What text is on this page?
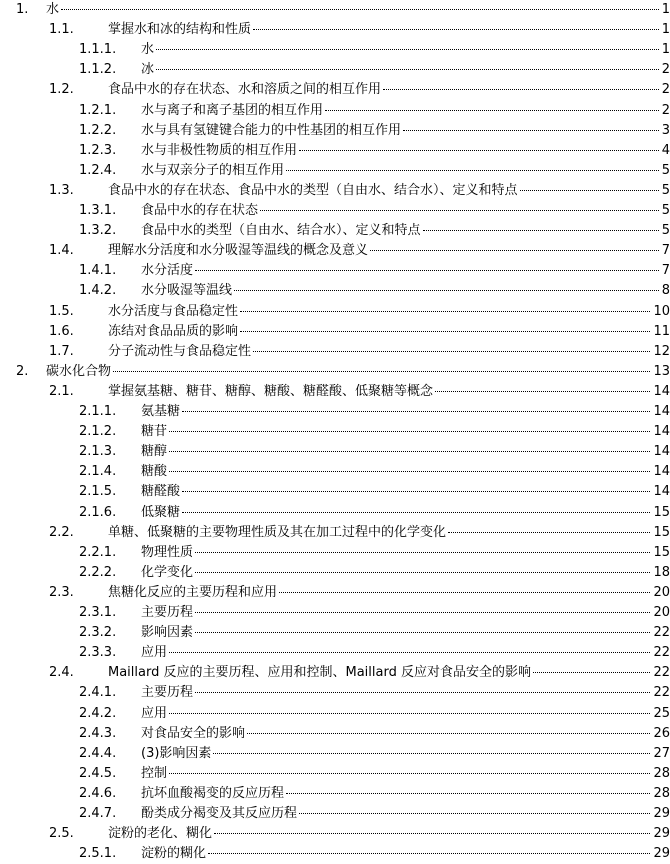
1. 水	1
1.1.	掌握水和冰的结构和性质	1
1.1.1. 水	1
1.1.2. 冰	2
1.2.	食品中水的存在状态、水和溶质之间的相互作用	2
1.2.1. 水与离子和离子基团的相互作用	2
1.2.2. 水与具有氢键键合能力的中性基团的相互作用	3
1.2.3. 水与非极性物质的相互作用	4
1.2.4. 水与双亲分子的相互作用	5
1.3.	食品中水的存在状态、食品中水的类型（自由水、结合水）、定义和特点	5
1.3.1. 食品中水的存在状态	5
1.3.2. 食品中水的类型（自由水、结合水）、定义和特点	5
1.4.	理解水分活度和水分吸湿等温线的概念及意义	7
1.4.1. 水分活度	7
1.4.2. 水分吸湿等温线	8
1.5.	水分活度与食品稳定性	10
1.6.	冻结对食品品质的影响	11
1.7.	分子流动性与食品稳定性	12
2. 碳水化合物	13
2.1.	掌握氨基糖、糖苷、糖醇、糖酸、糖醛酸、低聚糖等概念	14
2.1.1. 氨基糖	14
2.1.2. 糖苷	14
2.1.3. 糖醇	14
2.1.4. 糖酸	14
2.1.5. 糖醛酸	14
2.1.6. 低聚糖	15
2.2.	单糖、低聚糖的主要物理性质及其在加工过程中的化学变化	15
2.2.1. 物理性质	15
2.2.2. 化学变化	18
2.3.	焦糖化反应的主要历程和应用	20
2.3.1. 主要历程	20
2.3.2. 影响因素	22
2.3.3. 应用	22
2.4.	Maillard 反应的主要历程、应用和控制、Maillard 反应对食品安全的影响	22
2.4.1. 主要历程	22
2.4.2. 应用	25
2.4.3. 对食品安全的影响	26
2.4.4. (3)影响因素	27
2.4.5. 控制	28
2.4.6. 抗坏血酸褐变的反应历程	28
2.4.7. 酚类成分褐变及其反应历程	29
2.5.	淀粉的老化、糊化	29
2.5.1. 淀粉的糊化	29
